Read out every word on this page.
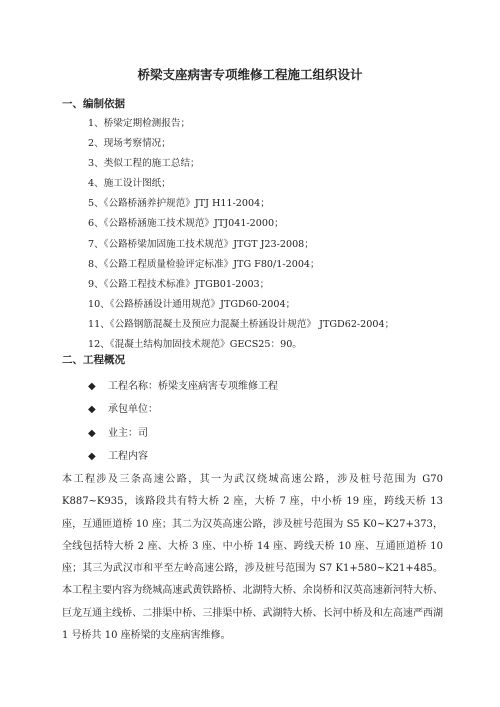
桥梁支座病害专项维修工程施工组织设计
一、编制依据
1、桥梁定期检测报告；
2、现场考察情况；
3、类似工程的施工总结；
4、施工设计图纸；
5、《公路桥涵养护规范》JTJ H11-2004；
6、《公路桥涵施工技术规范》JTJ041-2000；
7、《公路桥梁加固施工技术规范》JTGT J23-2008；
8、《公路工程质量检验评定标准》JTG F80/1-2004；
9、《公路工程技术标准》JTGB01-2003；
10、《公路桥涵设计通用规范》JTGD60-2004；
11、《公路钢筋混凝土及预应力混凝土桥涵设计规范》 JTGD62-2004；
12、《混凝土结构加固技术规范》GECS25：90。
二、工程概况
◆ 工程名称：桥梁支座病害专项维修工程
◆ 承包单位：
◆ 业主：司
◆ 工程内容

本工程涉及三条高速公路，其一为武汉绕城高速公路，涉及桩号范围为 G70 K887~K935，该路段共有特大桥 2 座，大桥 7 座，中小桥 19 座，跨线天桥 13 座，互通匝道桥 10 座；其二为汉英高速公路，涉及桩号范围为 S5 K0~K27+373，全线包括特大桥 2 座、大桥 3 座、中小桥 14 座、跨线天桥 10 座、互通匝道桥 10 座；其三为武汉市和平至左岭高速公路，涉及桩号范围为 S7 K1+580~K21+485。本工程主要内容为绕城高速武黄铁路桥、北湖特大桥、余岗桥和汉英高速新河特大桥、巨龙互通主线桥、二排渠中桥、三排渠中桥、武湖特大桥、长河中桥及和左高速严西湖 1 号桥共 10 座桥梁的支座病害维修。
